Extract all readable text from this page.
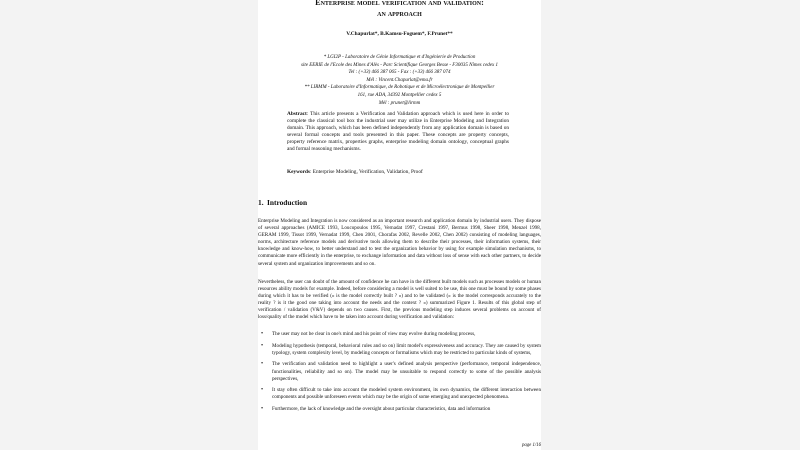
Enterprise model verification and validation:
an approach
V.Chapurlat*, B.Kamsu-Foguem*, F.Prunet**
* LGI2P - Laboratoire de Génie Informatique et d'Ingénierie de Production
site EERIE de l'Ecole des Mines d'Alès - Parc Scientifique Georges Besse - F30035 Nîmes cedex 1
Tel : (+33) 466 387 065 - Fax : (+33) 466 387 074
Mél : Vincent.Chapurlat@ema.fr
** LIRMM - Laboratoire d'Informatique, de Robotique et de Microélectronique de Montpellier
161, rue ADA, 34392 Montpellier cedex 5
Mél : prunet@lirmm
Abstract: This article presents a Verification and Validation approach which is used here in order to complete the classical tool box the industrial user may utilize in Enterprise Modeling and Integration domain. This approach, which has been defined independently from any application domain is based on several formal concepts and tools presented in this paper. These concepts are property concepts, property reference matrix, properties graphs, enterprise modeling domain ontology, conceptual graphs and formal reasoning mechanisms.
Keywords: Enterprise Modeling, Verification, Validation, Proof
1. Introduction
Enterprise Modeling and Integration is now considered as an important research and application domain by industrial users. They dispose of several approaches (AMICE 1993, Loucopoulos 1995, Vernadat 1997, Crestani 1997, Bermus 1998, Sheer 1998, Menzel 1998, GERAM 1999, Tissot 1999, Vernadat 1999, Chen 2001, Chorafas 2002, Revelle 2002, Chen 2002) consisting of modeling languages, norms, architecture reference models and derivative tools allowing them to describe their processes, their information systems, their knowledge and know-how, to better understand and to test the organization behavior by using for example simulation mechanisms, to communicate more efficiently in the enterprise, to exchange information and data without loss of sense with each other partners, to decide several system and organization improvements and so on.
Nevertheless, the user can doubt of the amount of confidence he can have in the different built models such as processes models or human resources ability models for example. Indeed, before considering a model is well suited to be use, this one must be bound by some phases during which it has to be verified (« is the model correctly built ? ») and to be validated (« is the model corresponds accurately to the reality ? is it the good one taking into account the needs and the context ? ») summarized Figure 1. Results of this global step of verification / validation (V&V) depends on two causes. First, the previous modeling step induces several problems on account of loss/quality of the model which have to be taken into account during verification and validation:
• The user may not be clear in one's mind and his point of view may evolve during modeling process,
• Modeling hypothesis (temporal, behavioral rules and so on) limit model's expressiveness and accuracy. They are caused by system typology, system complexity level, by modeling concepts or formalisms which may be restricted to particular kinds of systems,
• The verification and validation need to highlight a user's defined analysis perspective (performance, temporal independence, functionalities, reliability and so on). The model may be unsuitable to respond correctly to some of the possible analysis perspectives,
• It stay often difficult to take into account the modeled system environment, its own dynamics, the different interaction between components and possible unforeseen events which may be the origin of some emerging and unexpected phenomena.
• Furthermore, the lack of knowledge and the oversight about particular characteristics, data and information
page 1/16
